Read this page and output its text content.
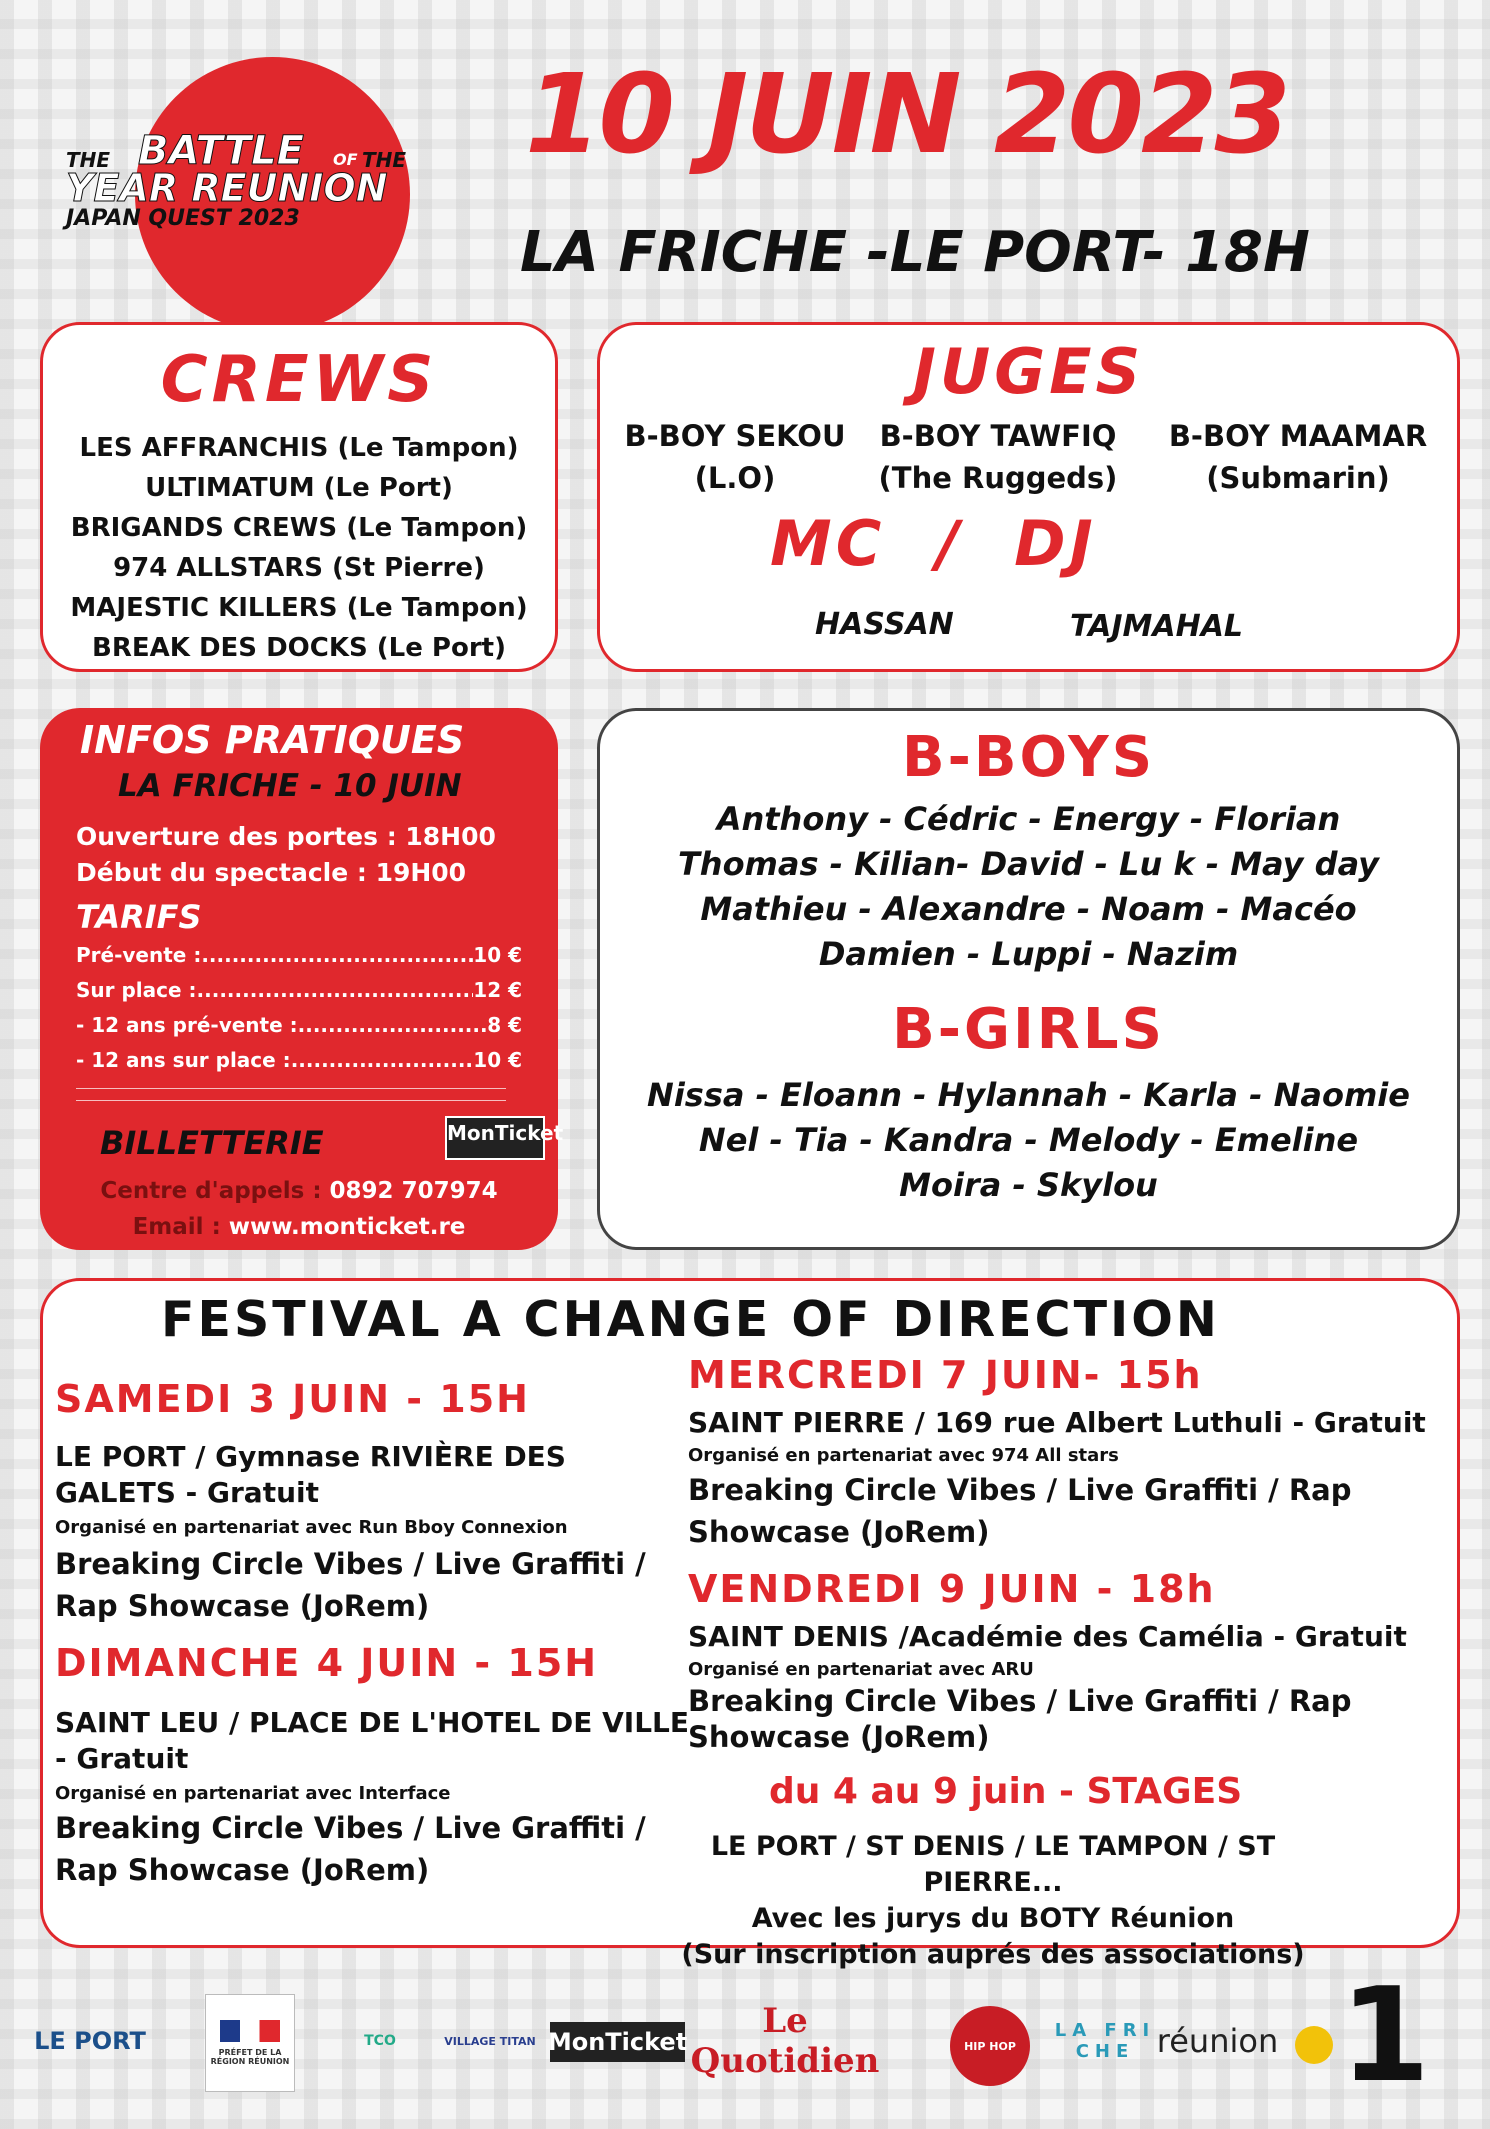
THE BATTLE OF THE
YEAR REUNION
JAPAN QUEST 2023
10 JUIN 2023
LA FRICHE -LE PORT- 18H
CREWS
LES AFFRANCHIS (Le Tampon)
ULTIMATUM (Le Port)
BRIGANDS CREWS (Le Tampon)
974 ALLSTARS (St Pierre)
MAJESTIC KILLERS (Le Tampon)
BREAK DES DOCKS (Le Port)
JUGES
B-BOY SEKOU
(L.O)
B-BOY TAWFIQ
(The Ruggeds)
B-BOY MAAMAR
(Submarin)
MC  /  DJ
HASSAN	TAJMAHAL
INFOS PRATIQUES
LA FRICHE - 10 JUIN
Ouverture des portes : 18H00
Début du spectacle : 19H00
TARIFS
Pré-vente : .....	10 €
Sur place : .....	12 €
- 12 ans pré-vente : .....	8 €
- 12 ans sur place : .....	10 €
BILLETTERIE	MonTicket
Centre d'appels : 0892 707974
Email : www.monticket.re
B-BOYS
Anthony - Cédric - Energy - Florian
Thomas - Kilian- David - Lu k - May day
Mathieu - Alexandre - Noam - Macéo
Damien - Luppi - Nazim
B-GIRLS
Nissa - Eloann - Hylannah - Karla - Naomie
Nel - Tia - Kandra - Melody - Emeline
Moira - Skylou
FESTIVAL A CHANGE OF DIRECTION
SAMEDI 3 JUIN - 15H
LE PORT / Gymnase RIVIÈRE DES GALETS - Gratuit
Organisé en partenariat avec Run Bboy Connexion
Breaking Circle Vibes / Live Graffiti / Rap Showcase (JoRem)
DIMANCHE 4 JUIN - 15H
SAINT LEU / PLACE DE L'HOTEL DE VILLE - Gratuit
Organisé en partenariat avec Interface
Breaking Circle Vibes / Live Graffiti / Rap Showcase (JoRem)
MERCREDI 7 JUIN- 15h
SAINT PIERRE / 169 rue Albert Luthuli - Gratuit
Organisé en partenariat avec 974 All stars
Breaking Circle Vibes / Live Graffiti / Rap Showcase (JoRem)
VENDREDI 9 JUIN - 18h
SAINT DENIS /Académie des Camélia - Gratuit
Organisé en partenariat avec ARU
Breaking Circle Vibes / Live Graffiti / Rap Showcase (JoRem)
du 4 au 9 juin - STAGES
LE PORT / ST DENIS / LE TAMPON / ST PIERRE...
Avec les jurys du BOTY Réunion
(Sur inscription auprés des associations)
LE PORT	PRÉFET DE LA RÉGION RÉUNION
TCO	VILLAGE TITAN MonTicket
Le Quotidien	HIP HOP
LA FRI CHE réunion 1
